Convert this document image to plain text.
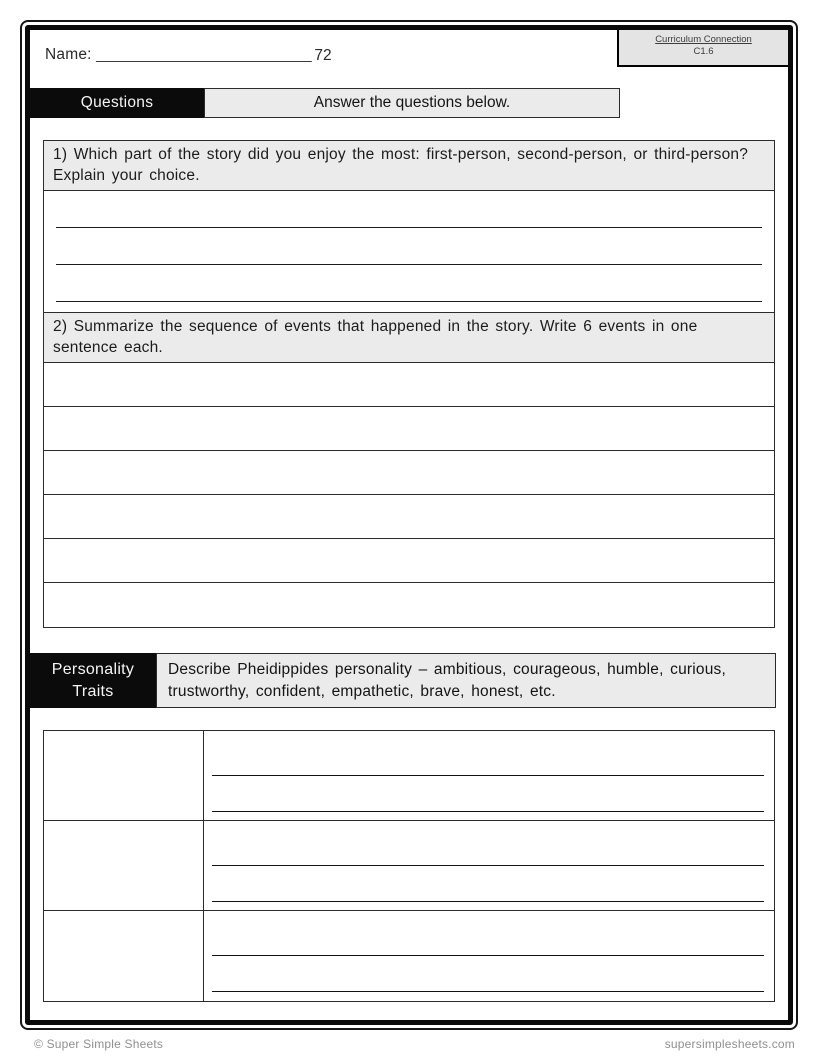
Name: _________________________ 72
Curriculum Connection
C1.6
Questions	Answer the questions below.
1) Which part of the story did you enjoy the most: first-person, second-person, or third-person? Explain your choice.
2) Summarize the sequence of events that happened in the story. Write 6 events in one sentence each.
Personality Traits
Describe Pheidippides personality – ambitious, courageous, humble, curious, trustworthy, confident, empathetic, brave, honest, etc.
© Super Simple Sheets	supersimplesheets.com
